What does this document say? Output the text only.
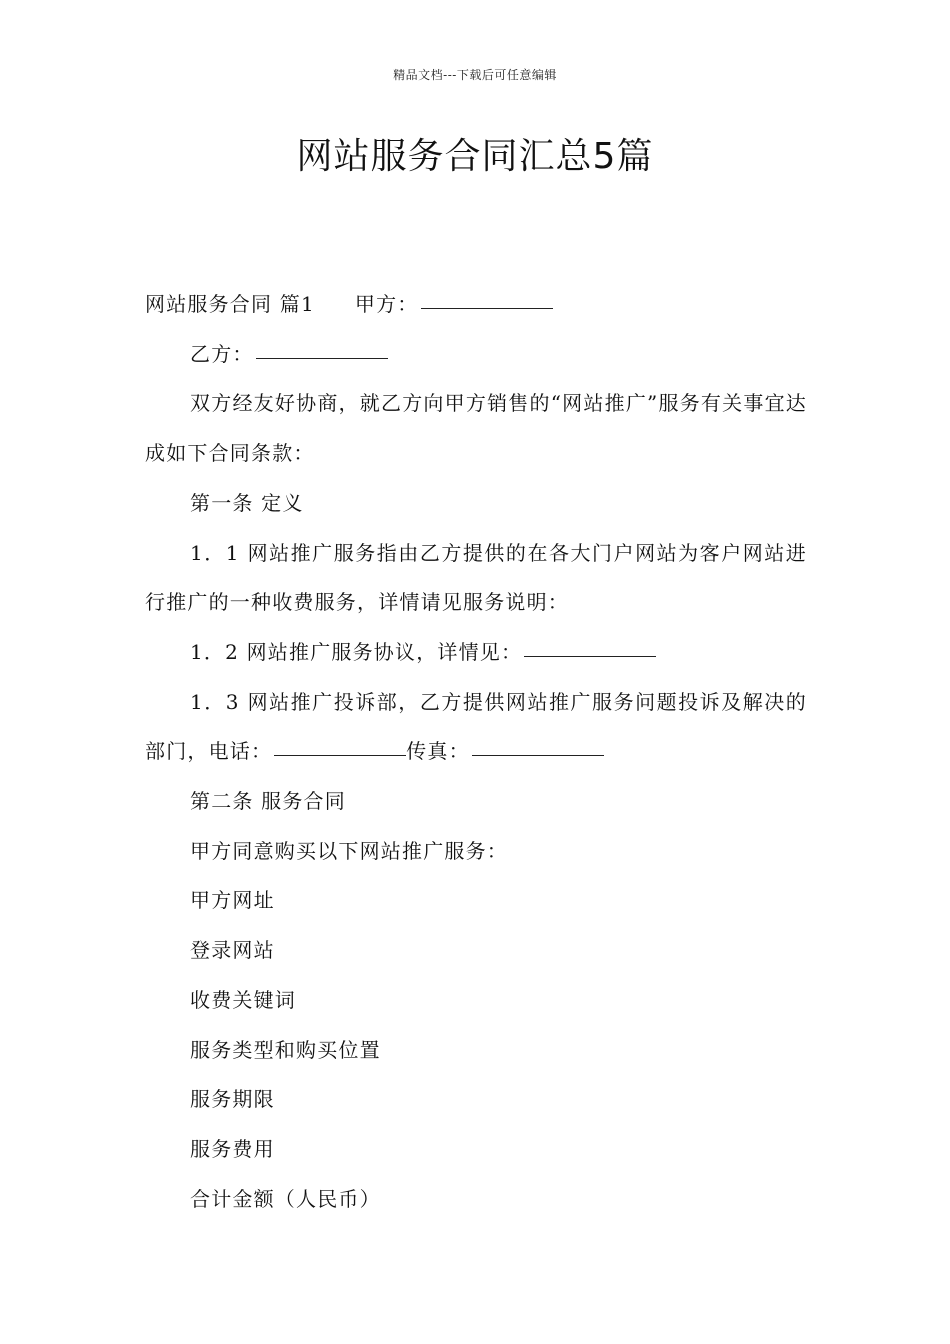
精品文档---下载后可任意编辑
网站服务合同汇总5篇

网站服务合同 篇1 甲方：

乙方：

双方经友好协商，就乙方向甲方销售的“网站推广”服务有关事宜达成如下合同条款：

第一条 定义

1．1 网站推广服务指由乙方提供的在各大门户网站为客户网站进行推广的一种收费服务，详情请见服务说明：

1．2 网站推广服务协议，详情见：

1．3 网站推广投诉部，乙方提供网站推广服务问题投诉及解决的部门，电话：	传真：

第二条 服务合同

甲方同意购买以下网站推广服务：

甲方网址

登录网站

收费关键词

服务类型和购买位置

服务期限

服务费用

合计金额（人民币）
